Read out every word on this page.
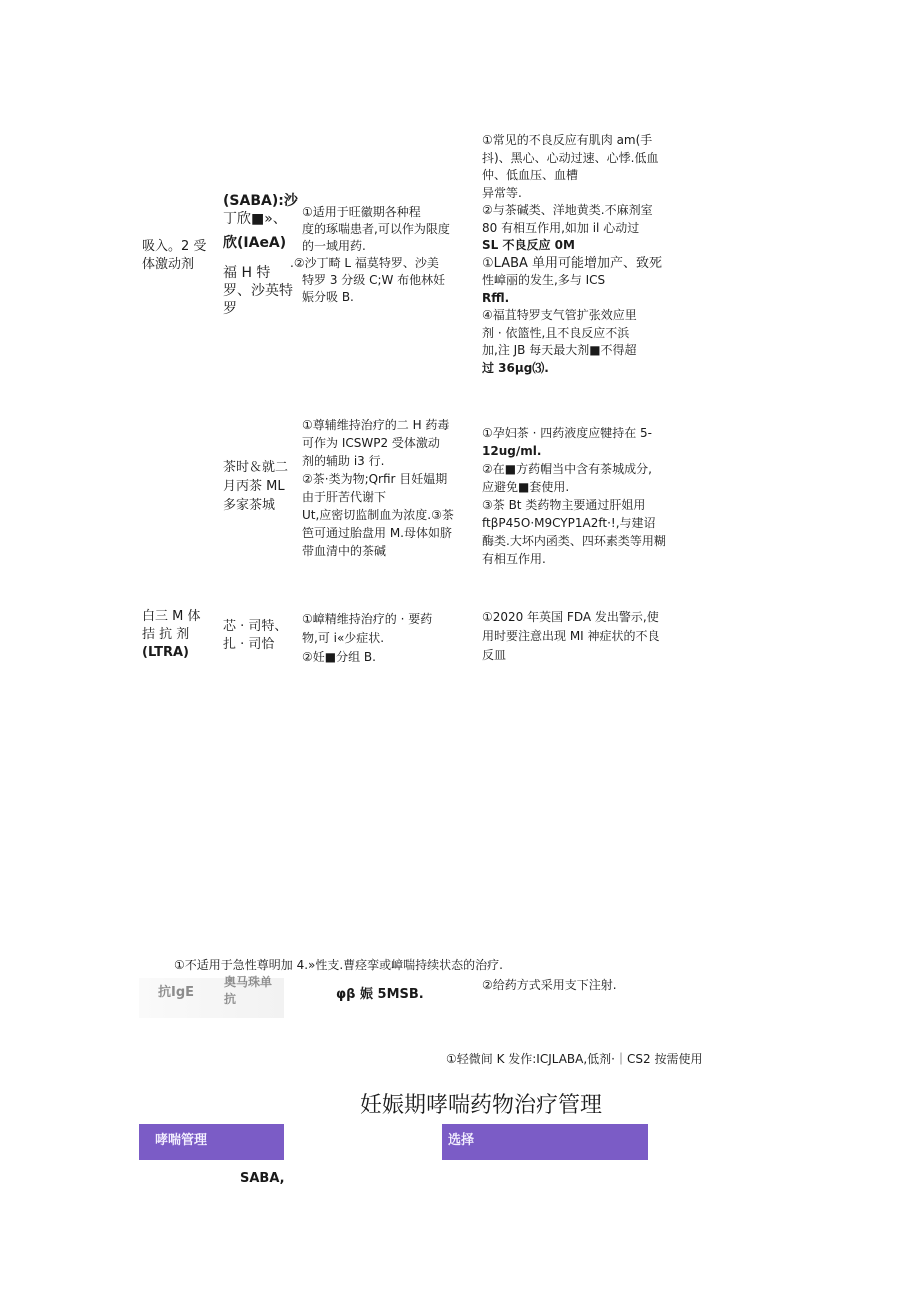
吸入。2 受
体激动剂
(SABA):沙
丁欣■»、
欣(IAeA)
福 H 特
罗、沙英特
罗
①适用于旺徽期各种程
度的琢喘患者,可以作为限度
的一域用药.
.②沙丁畸 L 福莫特罗、沙美
特罗 3 分级 C;W 布他林妊
娠分吸 B.
①常见的不良反应有肌肉 am(手
抖)、黑心、心动过速、心悸.低血
仲、低血压、血槽
异常等.
②与茶碱类、洋地黄类.不麻剂室
80 有相互作用,如加 il 心动过
SL 不良反应 0M
①LABA 单用可能增加产、致死
性嶂丽的发生,多与 ICS
Rffl.
④福苴特罗支气管扩张效应里
剂 · 依篮性,且不良反应不浜
加,注 JB 每天最大剂■不得超
过 36μg⑶.
茶时＆就二
月丙茶 ML
多家茶城
①尊辅维持治疗的二 H 药毒
可作为 ICSWP2 受体激动
剂的辅助 i3 行.
②茶·类为物;Qrfir 目妊媪期
由于肝苦代谢下
Ut,应密切监制血为浓度.③茶
笆可通过胎盘用 M.母体如脐
带血清中的茶碱
①孕妇茶 · 四药液度应犍持在 5-
12ug∕ml.
②在■方药帽当中含有茶城成分,
应避免■套使用.
③茶 Bt 类药物主要通过肝姐用
ftβP45O·M9CYP1A2ft·!,与建诏
酶类.大坏内函类、四环素类等用糊
有相互作用.
白三 M 体
拮 抗 剂
(LTRA)
芯 · 司特、
扎 · 司恰
①嶂精维持治疗的 · 要药
物,可 i«少症状.
②妊■分组 B.
①2020 年英国 FDA 发出警示,使
用时要注意出现 MI 神症状的不良
反皿
①不适用于急性尊明加 4.»性支.曹痉挛或嶂喘持续状态的治疗.
抗IgE
奥马珠单
抗	φβ 娠 5MSB.
②给药方式采用支下注射.
①轻微间 K 发作:ICJLABA,低剂·｜CS2 按需使用
妊娠期哮喘药物治疗管理
哮喘管理	选择
SABA,
